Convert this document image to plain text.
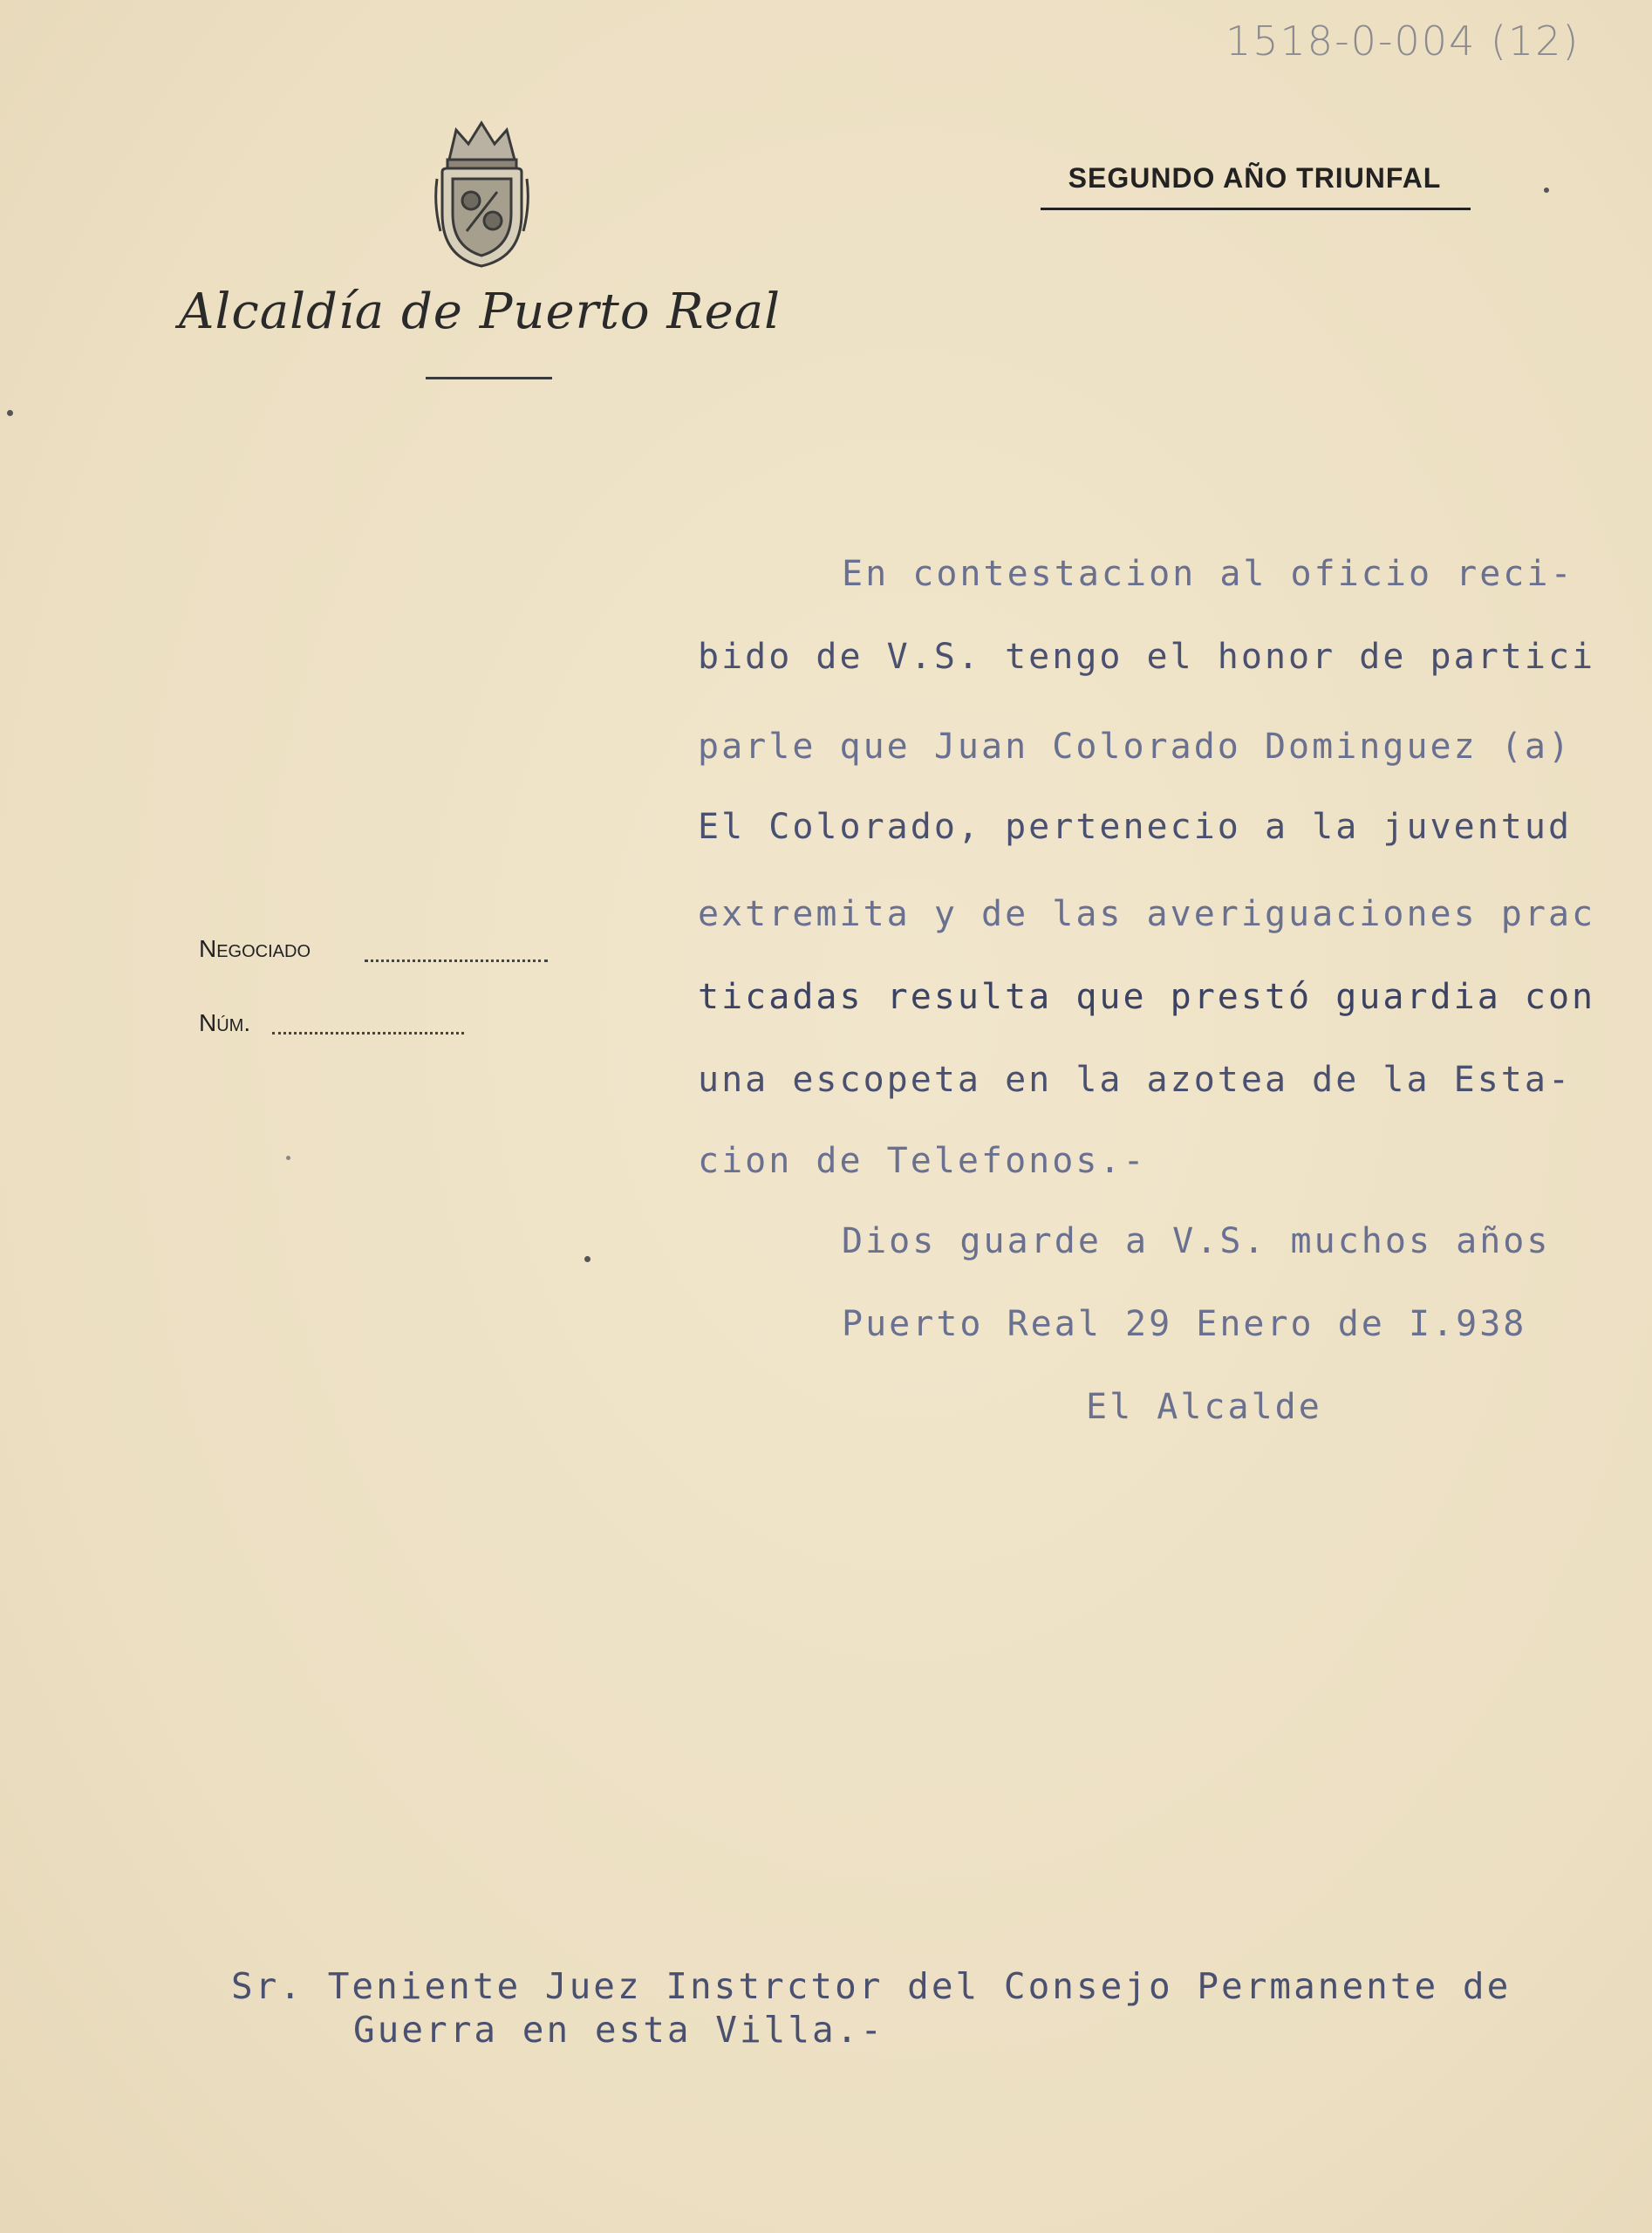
1518-0-004 (12)
Alcaldía de Puerto Real
SEGUNDO AÑO TRIUNFAL
Negociado
Núm.
En contestacion al oficio reci-
bido de V.S. tengo el honor de partici
parle que Juan Colorado Dominguez (a)
El Colorado, pertenecio a la juventud
extremita y de las averiguaciones prac
ticadas resulta que prestó guardia con
una escopeta en la azotea de la Esta-
cion de Telefonos.-
Dios guarde a V.S. muchos años
Puerto Real 29 Enero de I.938
El Alcalde
Sr. Teniente Juez Instrctor del Consejo Permanente de
Guerra en esta Villa.-
